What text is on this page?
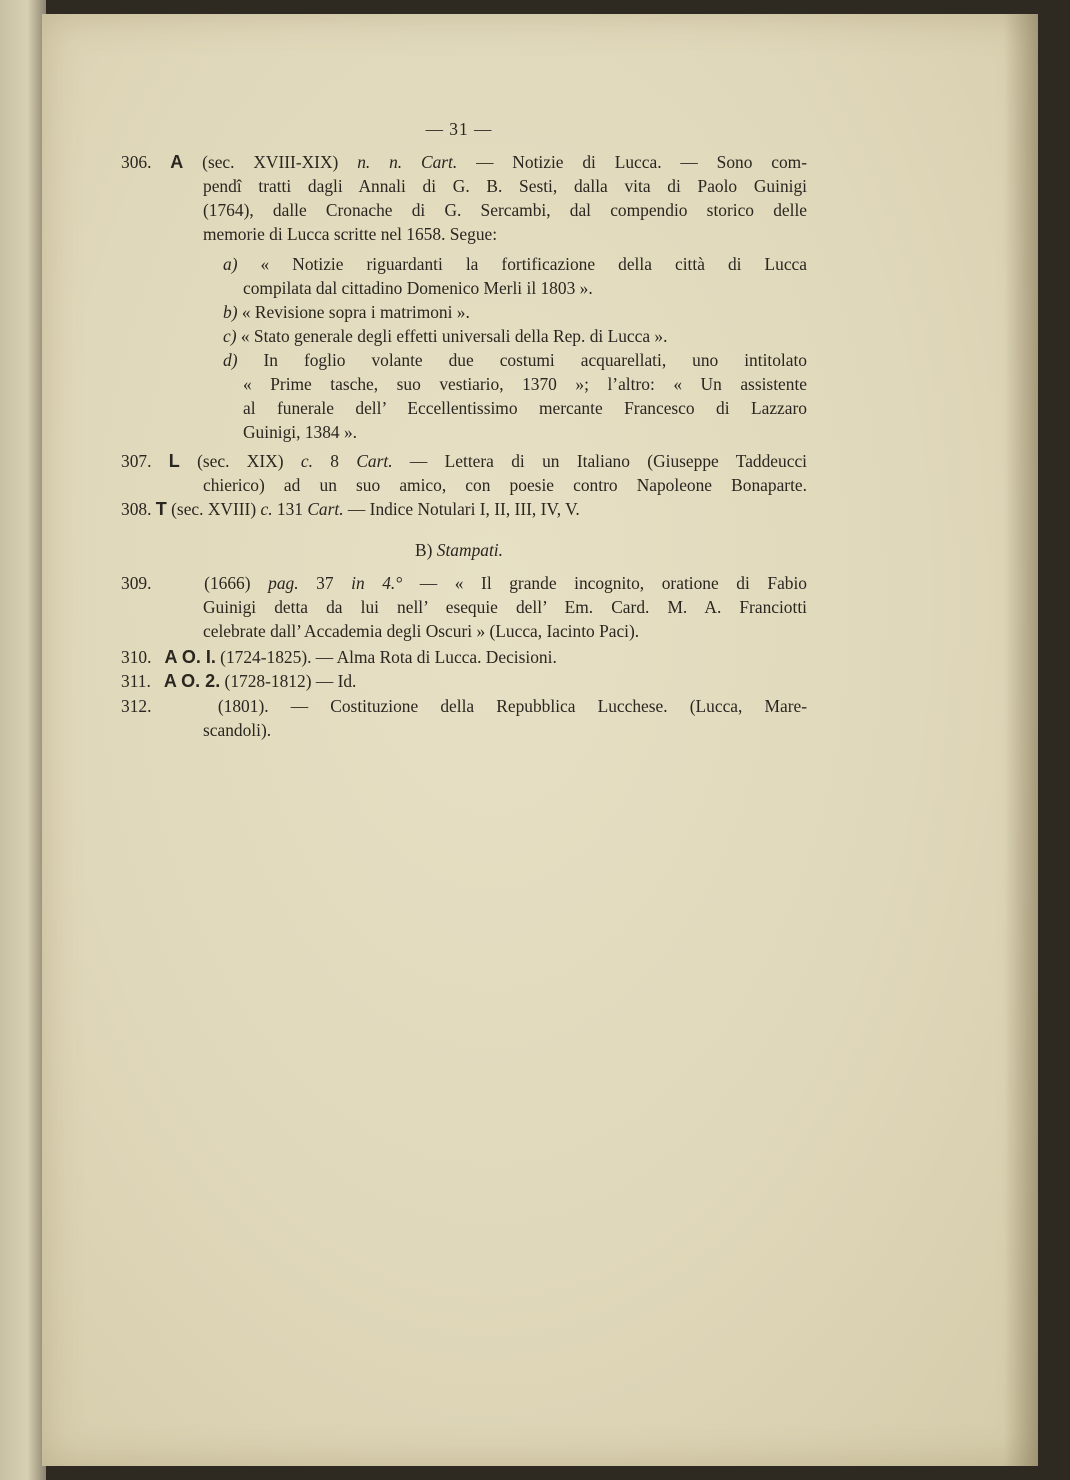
— 31 —
306. A (sec. XVIII-XIX) n. n. Cart. — Notizie di Lucca. — Sono com-
pendî tratti dagli Annali di G. B. Sesti, dalla vita di Paolo Guinigi
(1764), dalle Cronache di G. Sercambi, dal compendio storico delle
memorie di Lucca scritte nel 1658. Segue:
a) « Notizie riguardanti la fortificazione della città di Lucca
compilata dal cittadino Domenico Merli il 1803 ».
b) « Revisione sopra i matrimoni ».
c) « Stato generale degli effetti universali della Rep. di Lucca ».
d) In foglio volante due costumi acquarellati, uno intitolato
« Prime tasche, suo vestiario, 1370 »; l’altro: « Un assistente
al funerale dell’ Eccellentissimo mercante Francesco di Lazzaro
Guinigi, 1384 ».
307. L (sec. XIX) c. 8 Cart. — Lettera di un Italiano (Giuseppe Taddeucci
chierico) ad un suo amico, con poesie contro Napoleone Bonaparte.
308. T (sec. XVIII) c. 131 Cart. — Indice Notulari I, II, III, IV, V.
B) Stampati.
309.	(1666) pag. 37 in 4.° — « Il grande incognito, oratione di Fabio
Guinigi detta da lui nell’ esequie dell’ Em. Card. M. A. Franciotti
celebrate dall’ Accademia degli Oscuri » (Lucca, Iacinto Paci).
310. A O. I. (1724-1825). — Alma Rota di Lucca. Decisioni.
311. A O. 2. (1728-1812) — Id.
312.	(1801). — Costituzione della Repubblica Lucchese. (Lucca, Mare-
scandoli).
